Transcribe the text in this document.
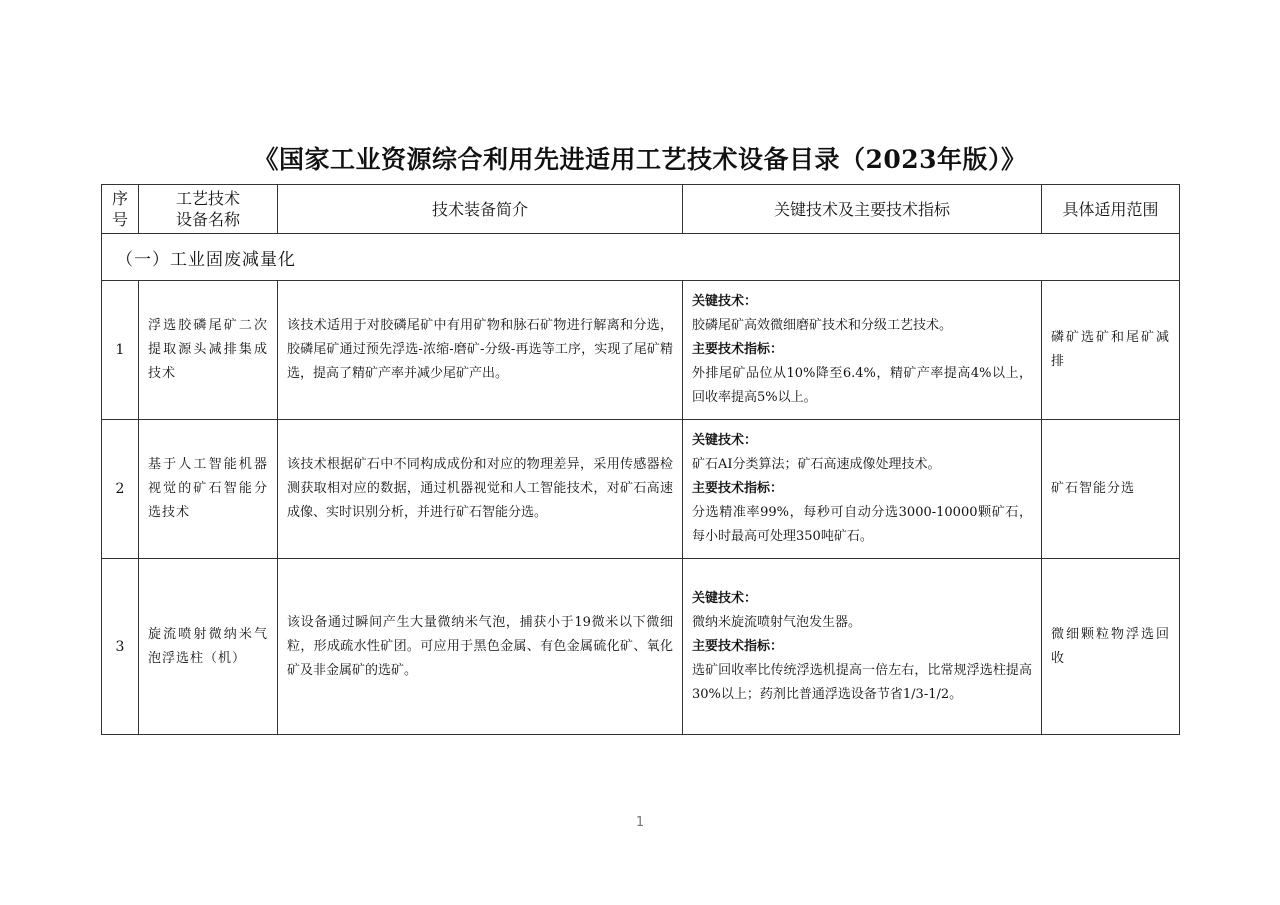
《国家工业资源综合利用先进适用工艺技术设备目录（2023年版）》
序
号	工艺技术
设备名称	技术装备简介	关键技术及主要技术指标	具体适用范围
（一）工业固废减量化				
1	浮选胶磷尾矿二次提取源头减排集成技术	该技术适用于对胶磷尾矿中有用矿物和脉石矿物进行解离和分选，胶磷尾矿通过预先浮选-浓缩-磨矿-分级-再选等工序，实现了尾矿精选，提高了精矿产率并减少尾矿产出。	关键技术：
胶磷尾矿高效微细磨矿技术和分级工艺技术。
主要技术指标：
外排尾矿品位从10%降至6.4%，精矿产率提高4%以上，回收率提高5%以上。	磷矿选矿和尾矿减排
2	基于人工智能机器视觉的矿石智能分选技术	该技术根据矿石中不同构成成份和对应的物理差异，采用传感器检测获取相对应的数据，通过机器视觉和人工智能技术，对矿石高速成像、实时识别分析，并进行矿石智能分选。	关键技术：
矿石AI分类算法；矿石高速成像处理技术。
主要技术指标：
分选精准率99%，每秒可自动分选3000-10000颗矿石，每小时最高可处理350吨矿石。	矿石智能分选
3	旋流喷射微纳米气泡浮选柱（机）	该设备通过瞬间产生大量微纳米气泡，捕获小于19微米以下微细粒，形成疏水性矿团。可应用于黑色金属、有色金属硫化矿、氧化矿及非金属矿的选矿。	关键技术：
微纳米旋流喷射气泡发生器。
主要技术指标：
选矿回收率比传统浮选机提高一倍左右，比常规浮选柱提高30%以上；药剂比普通浮选设备节省1/3-1/2。	微细颗粒物浮选回收
1
